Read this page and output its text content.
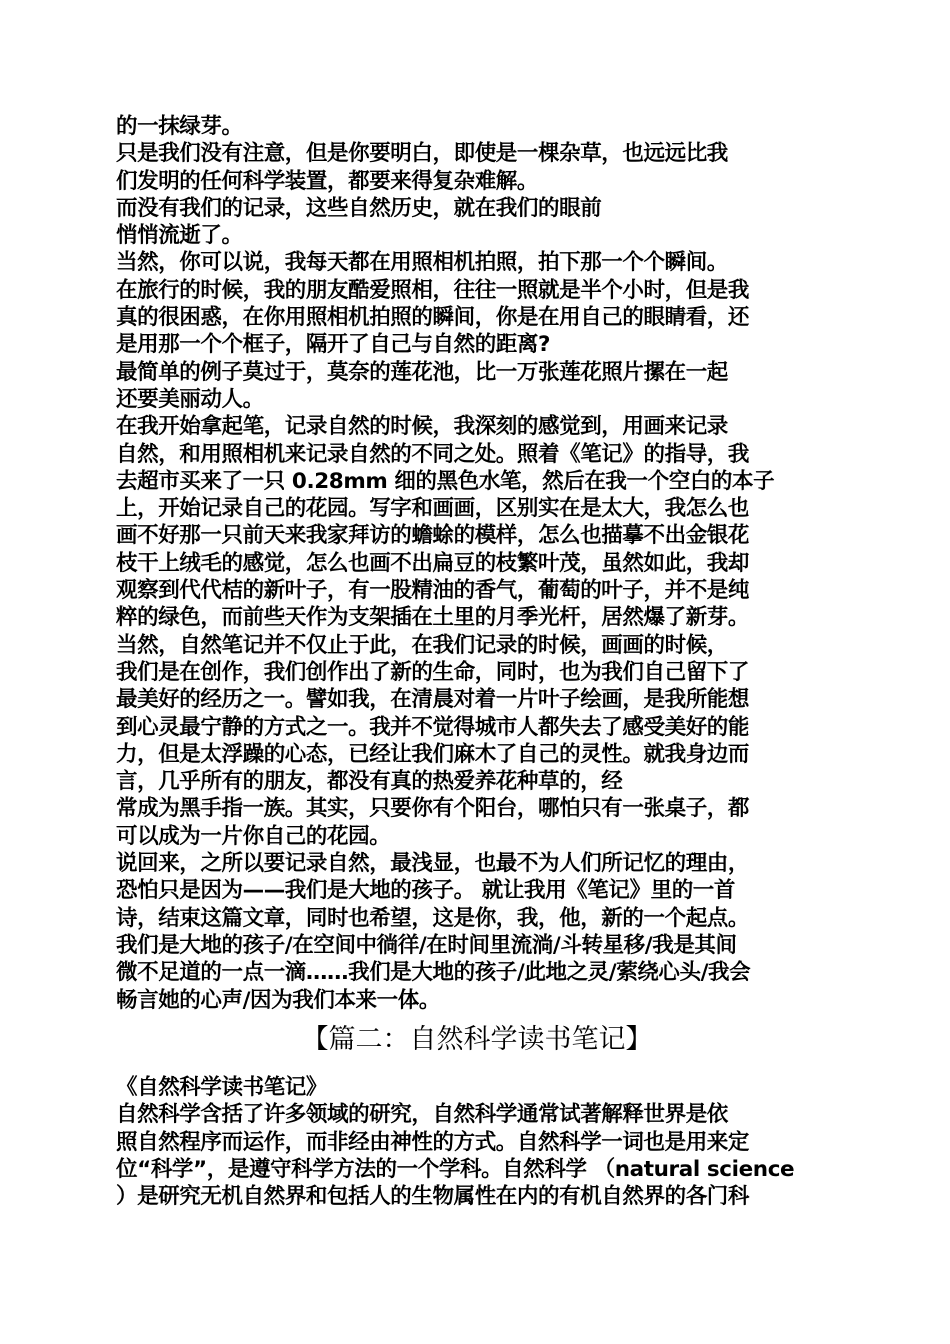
的一抹绿芽。
只是我们没有注意，但是你要明白，即使是一棵杂草，也远远比我
们发明的任何科学装置，都要来得复杂难解。
而没有我们的记录，这些自然历史，就在我们的眼前
悄悄流逝了。
当然，你可以说，我每天都在用照相机拍照，拍下那一个个瞬间。
在旅行的时候，我的朋友酷爱照相，往往一照就是半个小时，但是我
真的很困惑，在你用照相机拍照的瞬间，你是在用自己的眼睛看，还
是用那一个个框子，隔开了自己与自然的距离?
最简单的例子莫过于，莫奈的莲花池，比一万张莲花照片摞在一起
还要美丽动人。
在我开始拿起笔，记录自然的时候，我深刻的感觉到，用画来记录
自然，和用照相机来记录自然的不同之处。照着《笔记》的指导，我
去超市买来了一只 0.28mm 细的黑色水笔，然后在我一个空白的本子
上，开始记录自己的花园。写字和画画，区别实在是太大，我怎么也
画不好那一只前天来我家拜访的蟾蜍的模样，怎么也描摹不出金银花
枝干上绒毛的感觉，怎么也画不出扁豆的枝繁叶茂，虽然如此，我却
观察到代代桔的新叶子，有一股精油的香气，葡萄的叶子，并不是纯
粹的绿色，而前些天作为支架插在土里的月季光杆，居然爆了新芽。
当然，自然笔记并不仅止于此，在我们记录的时候，画画的时候，
我们是在创作，我们创作出了新的生命，同时，也为我们自己留下了
最美好的经历之一。譬如我，在清晨对着一片叶子绘画，是我所能想
到心灵最宁静的方式之一。我并不觉得城市人都失去了感受美好的能
力，但是太浮躁的心态，已经让我们麻木了自己的灵性。就我身边而
言，几乎所有的朋友，都没有真的热爱养花种草的，经
常成为黑手指一族。其实，只要你有个阳台，哪怕只有一张桌子，都
可以成为一片你自己的花园。
说回来，之所以要记录自然，最浅显，也最不为人们所记忆的理由，
恐怕只是因为——我们是大地的孩子。 就让我用《笔记》里的一首
诗，结束这篇文章，同时也希望，这是你，我，他，新的一个起点。
我们是大地的孩子/在空间中徜徉/在时间里流淌/斗转星移/我是其间
微不足道的一点一滴……我们是大地的孩子/此地之灵/萦绕心头/我会
畅言她的心声/因为我们本来一体。
【篇二：自然科学读书笔记】
《自然科学读书笔记》
自然科学含括了许多领域的研究，自然科学通常试著解释世界是依
照自然程序而运作，而非经由神性的方式。自然科学一词也是用来定
位“科学”，是遵守科学方法的一个学科。自然科学 （natural science
）是研究无机自然界和包括人的生物属性在内的有机自然界的各门科
